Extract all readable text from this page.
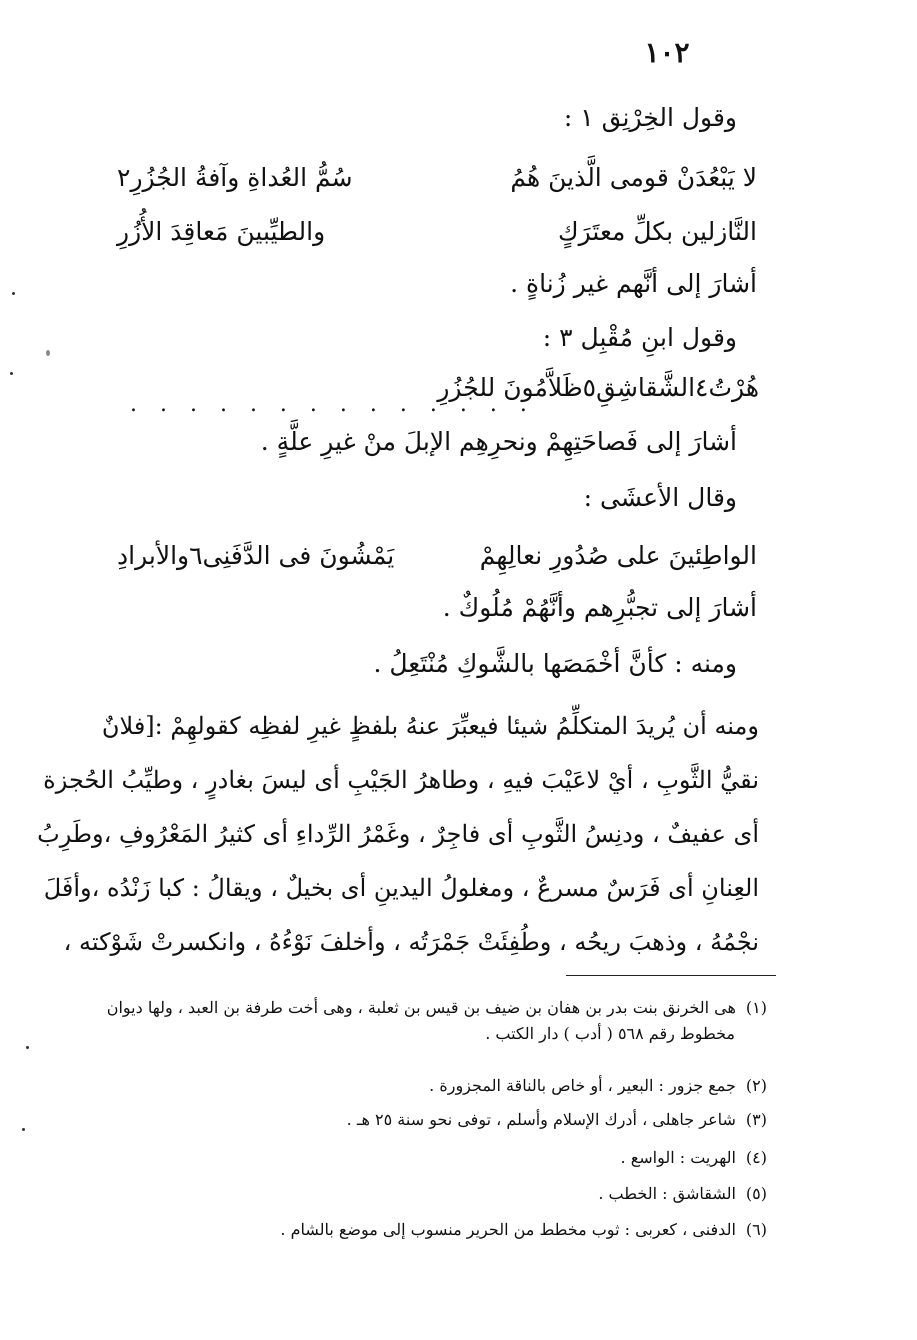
١٠٢
وقول الخِرْنِق ١ :
لا يَبْعُدَنْ قومى الَّذينَ هُمُ
سُمُّ العُداةِ وآفةُ الجُزُرِ٢
النَّازلين بكلِّ معتَرَكٍ
والطيِّبينَ مَعاقِدَ الأُزُرِ
أشارَ إلى أنَّهم غير زُناةٍ .
وقول ابنِ مُقْبِل ٣ :
هُرْتُ٤الشَّقاشِقِ٥ظَلاَّمُونَ للجُزُرِ
. . . . . . . . . . . . . .
أشارَ إلى فَصاحَتِهِمْ ونحرِهِم الإبلَ منْ غيرِ علَّةٍ .
وقال الأعشَى :
الواطِئينَ على صُدُورِ نعالِهِمْ
يَمْشُونَ فى الدَّفَنِى٦والأبرادِ
أشارَ إلى تجبُّرِهم وأنَّهُمْ مُلُوكٌ .
ومنه : كأنَّ أخْمَصَها بالشَّوكِ مُنْتَعِلُ .
ومنه أن يُريدَ المتكلِّمُ شيئا فيعبِّرَ عنهُ بلفظٍ غيرِ لفظِه كقولهِمْ :[فلانٌ
نقيُّ الثَّوبِ ، أيْ لاعَيْبَ فيهِ ، وطاهرُ الجَيْبِ أى ليسَ بغادرٍ ، وطيِّبُ الحُجزة
أى عفيفٌ ، ودنِسُ الثَّوبِ أى فاجِرٌ ، وغَمْرُ الرِّداءِ أى كثيرُ المَعْرُوفِ ،وطَرِبُ
العِنانِ أى فَرَسٌ مسرعٌ ، ومغلولُ اليدينِ أى بخيلٌ ، ويقالُ : كبا زَنْدُه ،وأفَلَ
نجْمُهُ ، وذهبَ ريحُه ، وطُفِئَتْ جَمْرَتُه ، وأخلفَ نَوْءُهُ ، وانكسرتْ شَوْكته ،
(١)هى الخرنق بنت بدر بن هفان بن ضيف بن قيس بن ثعلبة ، وهى أخت طرفة بن العبد ، ولها ديوان
مخطوط رقم ٥٦٨ ( أدب ) دار الكتب .
(٢)جمع جزور : البعير ، أو خاص بالناقة المجزورة .
(٣)شاعر جاهلى ، أدرك الإسلام وأسلم ، توفى نحو سنة ٢٥ هـ .
(٤)الهريت : الواسع .
(٥)الشقاشق : الخطب .
(٦)الدفنى ، كعربى : ثوب مخطط من الحرير منسوب إلى موضع بالشام .
